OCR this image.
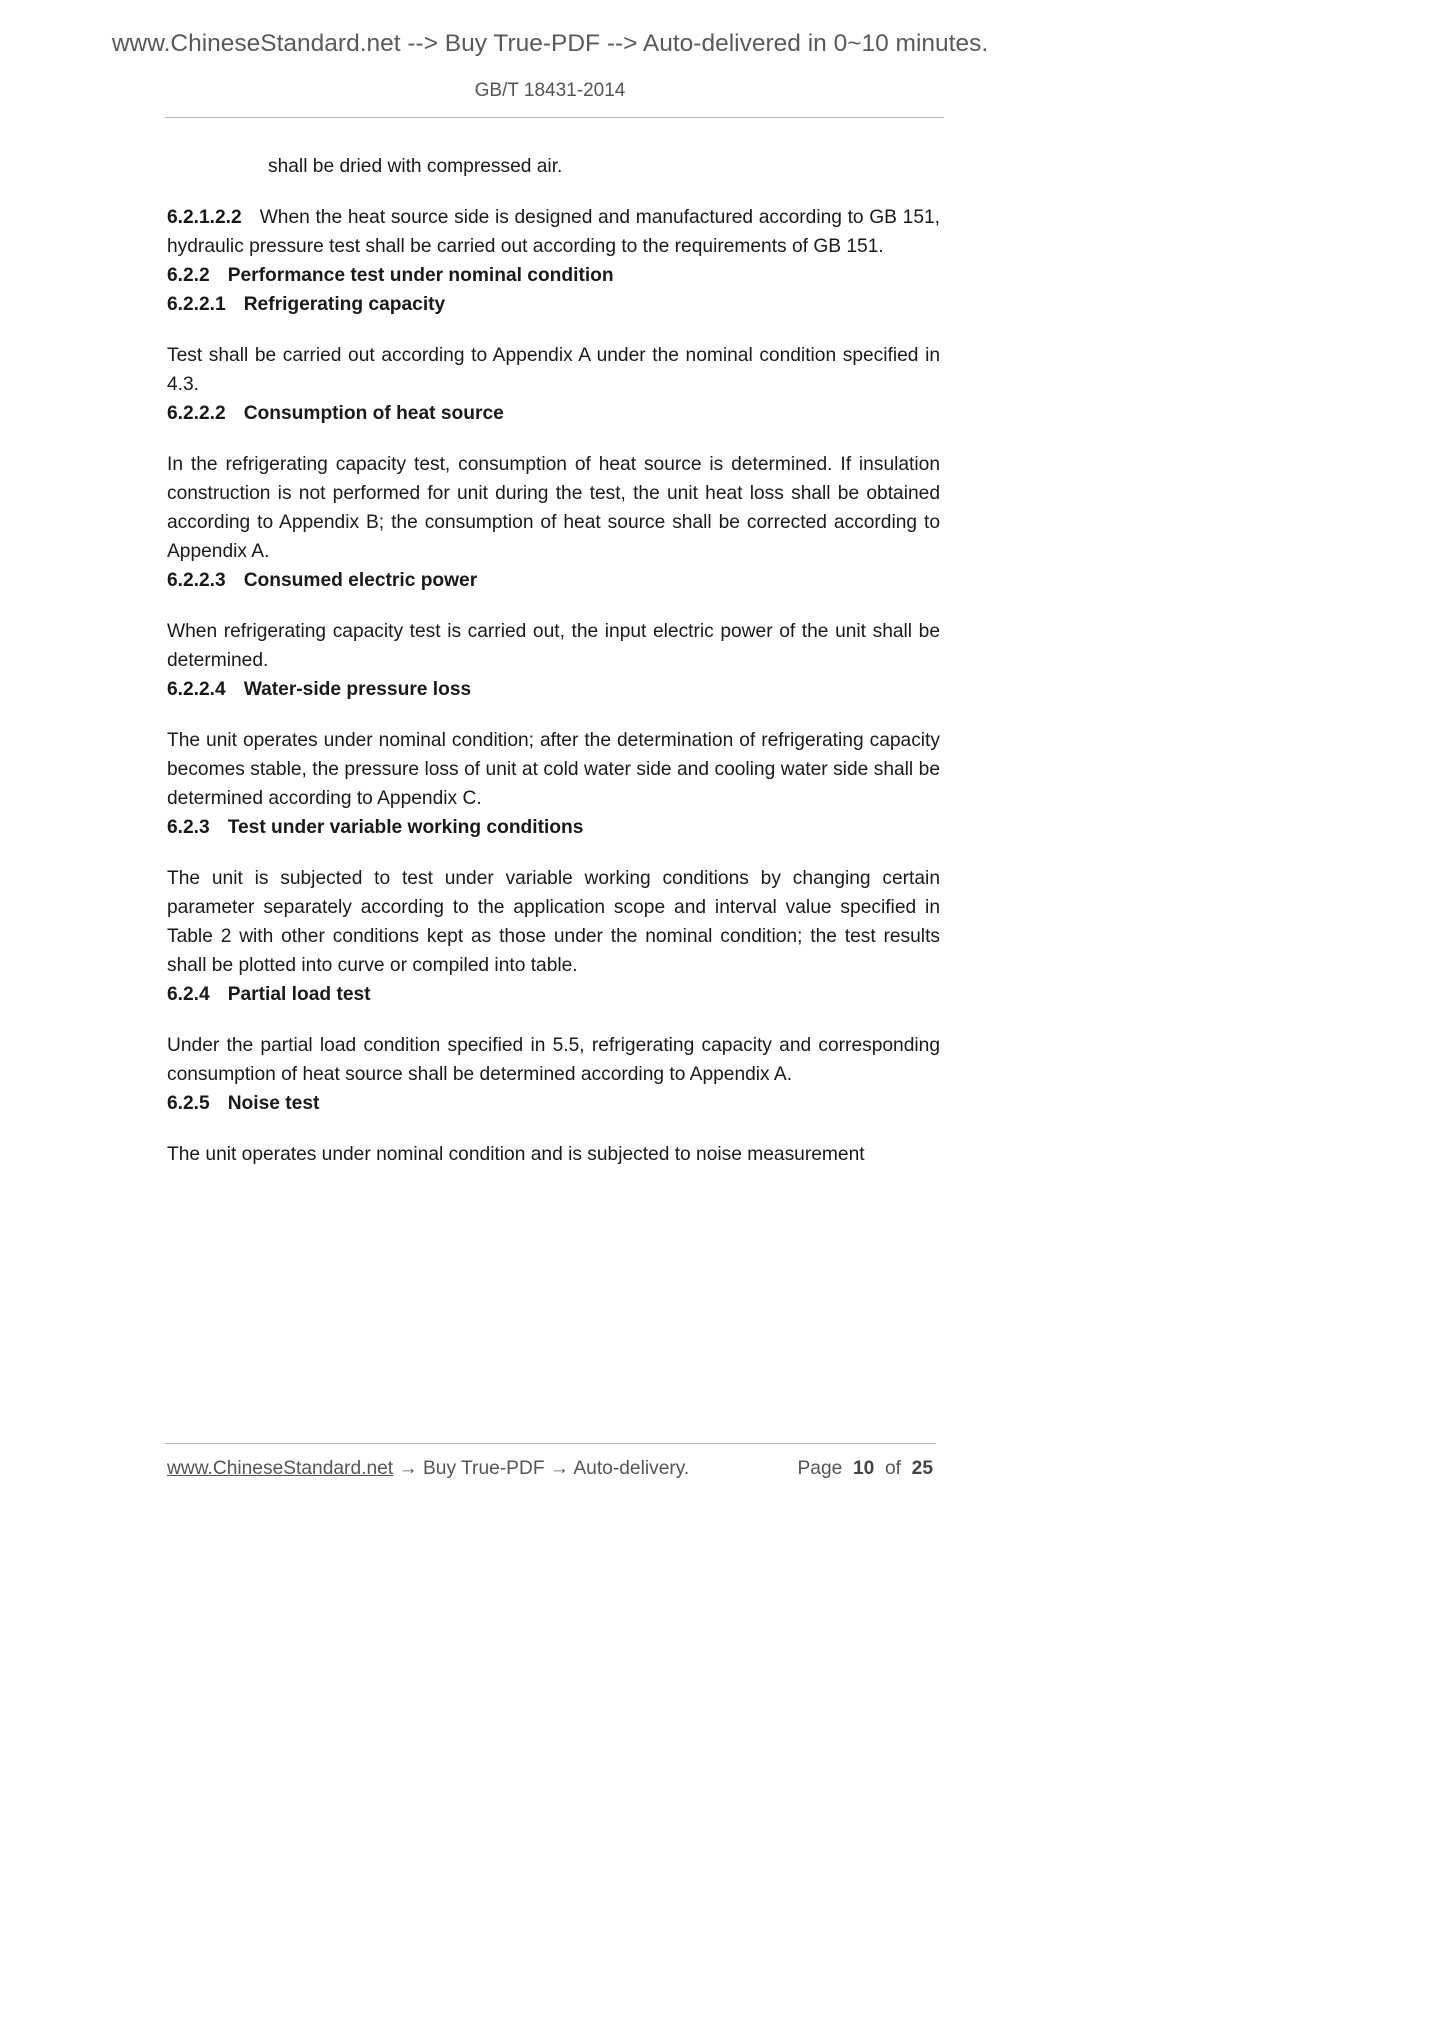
www.ChineseStandard.net --> Buy True-PDF --> Auto-delivered in 0~10 minutes.
GB/T 18431-2014

shall be dried with compressed air.

6.2.1.2.2 When the heat source side is designed and manufactured according to GB 151, hydraulic pressure test shall be carried out according to the requirements of GB 151.

6.2.2 Performance test under nominal condition

6.2.2.1 Refrigerating capacity

Test shall be carried out according to Appendix A under the nominal condition specified in 4.3.

6.2.2.2 Consumption of heat source

In the refrigerating capacity test, consumption of heat source is determined. If insulation construction is not performed for unit during the test, the unit heat loss shall be obtained according to Appendix B; the consumption of heat source shall be corrected according to Appendix A.

6.2.2.3 Consumed electric power

When refrigerating capacity test is carried out, the input electric power of the unit shall be determined.

6.2.2.4 Water-side pressure loss

The unit operates under nominal condition; after the determination of refrigerating capacity becomes stable, the pressure loss of unit at cold water side and cooling water side shall be determined according to Appendix C.

6.2.3 Test under variable working conditions

The unit is subjected to test under variable working conditions by changing certain parameter separately according to the application scope and interval value specified in Table 2 with other conditions kept as those under the nominal condition; the test results shall be plotted into curve or compiled into table.

6.2.4 Partial load test

Under the partial load condition specified in 5.5, refrigerating capacity and corresponding consumption of heat source shall be determined according to Appendix A.

6.2.5 Noise test

The unit operates under nominal condition and is subjected to noise measurement

www.ChineseStandard.net → Buy True-PDF → Auto-delivery.	Page 10 of 25
